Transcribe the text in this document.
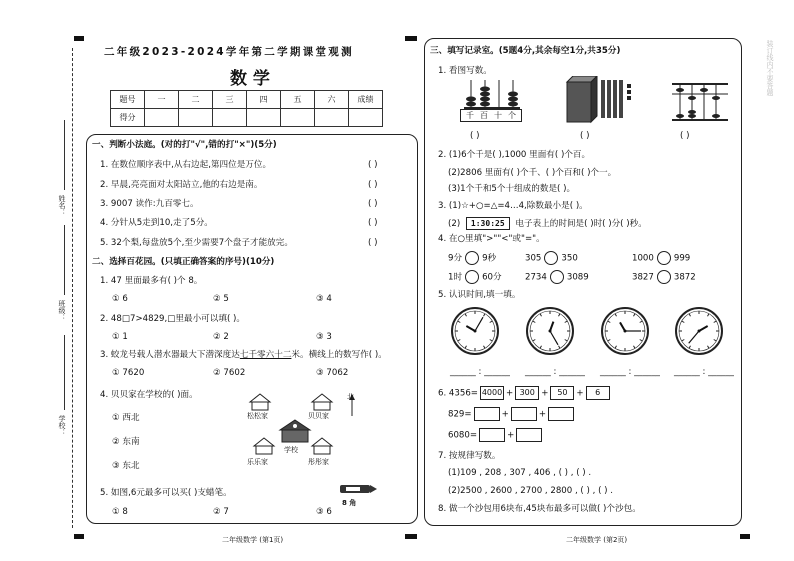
姓名：
班级：
学校：
装订线内不要答题
二年级2023-2024学年第二学期课堂观测
数 学
题号	一	二	三	四	五	六	成绩
得分							
一、判断小法庭。(对的打"√",错的打"×")(5分)
1. 在数位顺序表中,从右边起,第四位是万位。	( )
2. 早晨,亮亮面对太阳站立,他的右边是南。	( )
3. 9007 读作:九百零七。	( )
4. 分针从5走到10,走了5分。	( )
5. 32个梨,每盘放5个,至少需要7个盘子才能放完。	( )
二、选择百花园。(只填正确答案的序号)(10分)
1. 47 里面最多有( )个 8。
① 6	② 5	③ 4
2. 48□7>4829,□里最小可以填( )。
① 1	② 2	③ 3
3. 蛟龙号载人潜水器最大下潜深度达七千零六十二米。横线上的数写作( )。
① 7620	② 7602	③ 7062
4. 贝贝家在学校的( )面。
① 西北
② 东南
③ 东北
松松家	贝贝家
学校
乐乐家	彤彤家
北
5. 如图,6元最多可以买( )支蜡笔。
8 角
① 8	② 7	③ 6
二年级数学 (第1页)
三、填写记录室。(5题4分,其余每空1分,共35分)
1. 看图写数。
千 百 十 个
( )	( )	( )
2. (1)6个千是( ),1000 里面有( )个百。
(2)2806 里面有( )个千、( )个百和( )个一。
(3)1个千和5个十组成的数是( )。
3. (1)☆+○=△=4…4,除数最小是( )。
(2) 1:30:25 电子表上的时间是( )时( )分( )秒。
4. 在○里填">""<"或"="。
9分 9秒	305 350	1000 999
1时 60分	2734 3089	3827 3872
5. 认识时间,填一填。
______ : ______ ______ : ______ ______ : ______ ______ : ______
6. 4356= 4000 + 300 + 50 + 6
829=	+	+
6080=	+
7. 按规律写数。
(1)109 , 208 , 307 , 406 , ( ) , ( ) .
(2)2500 , 2600 , 2700 , 2800 , ( ) , ( ) .
8. 做一个沙包用6块布,45块布最多可以做( )个沙包。
二年级数学 (第2页)
